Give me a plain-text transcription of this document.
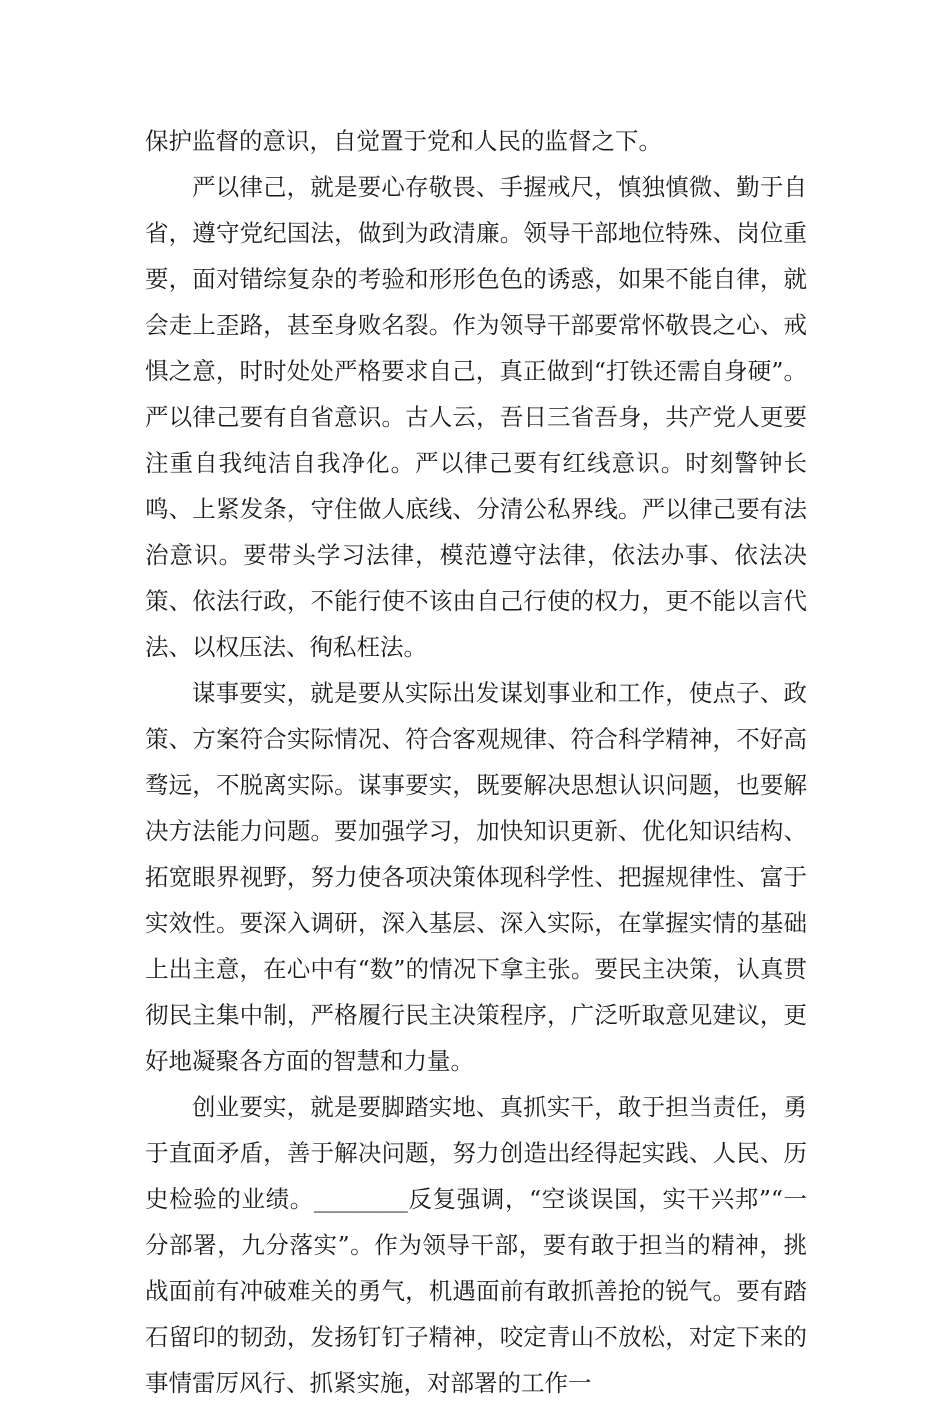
保护监督的意识，自觉置于党和人民的监督之下。

严以律己，就是要心存敬畏、手握戒尺，慎独慎微、勤于自省，遵守党纪国法，做到为政清廉。领导干部地位特殊、岗位重要，面对错综复杂的考验和形形色色的诱惑，如果不能自律，就会走上歪路，甚至身败名裂。作为领导干部要常怀敬畏之心、戒惧之意，时时处处严格要求自己，真正做到“打铁还需自身硬”。严以律己要有自省意识。古人云，吾日三省吾身，共产党人更要注重自我纯洁自我净化。严以律己要有红线意识。时刻警钟长鸣、上紧发条，守住做人底线、分清公私界线。严以律己要有法治意识。要带头学习法律，模范遵守法律，依法办事、依法决策、依法行政，不能行使不该由自己行使的权力，更不能以言代法、以权压法、徇私枉法。

谋事要实，就是要从实际出发谋划事业和工作，使点子、政策、方案符合实际情况、符合客观规律、符合科学精神，不好高骛远，不脱离实际。谋事要实，既要解决思想认识问题，也要解决方法能力问题。要加强学习，加快知识更新、优化知识结构、拓宽眼界视野，努力使各项决策体现科学性、把握规律性、富于实效性。要深入调研，深入基层、深入实际，在掌握实情的基础上出主意，在心中有“数”的情况下拿主张。要民主决策，认真贯彻民主集中制，严格履行民主决策程序，广泛听取意见建议，更好地凝聚各方面的智慧和力量。

创业要实，就是要脚踏实地、真抓实干，敢于担当责任，勇于直面矛盾，善于解决问题，努力创造出经得起实践、人民、历史检验的业绩。________反复强调，“空谈误国，实干兴邦”“一分部署，九分落实”。作为领导干部，要有敢于担当的精神，挑战面前有冲破难关的勇气，机遇面前有敢抓善抢的锐气。要有踏石留印的韧劲，发扬钉钉子精神，咬定青山不放松，对定下来的事情雷厉风行、抓紧实施，对部署的工作一
